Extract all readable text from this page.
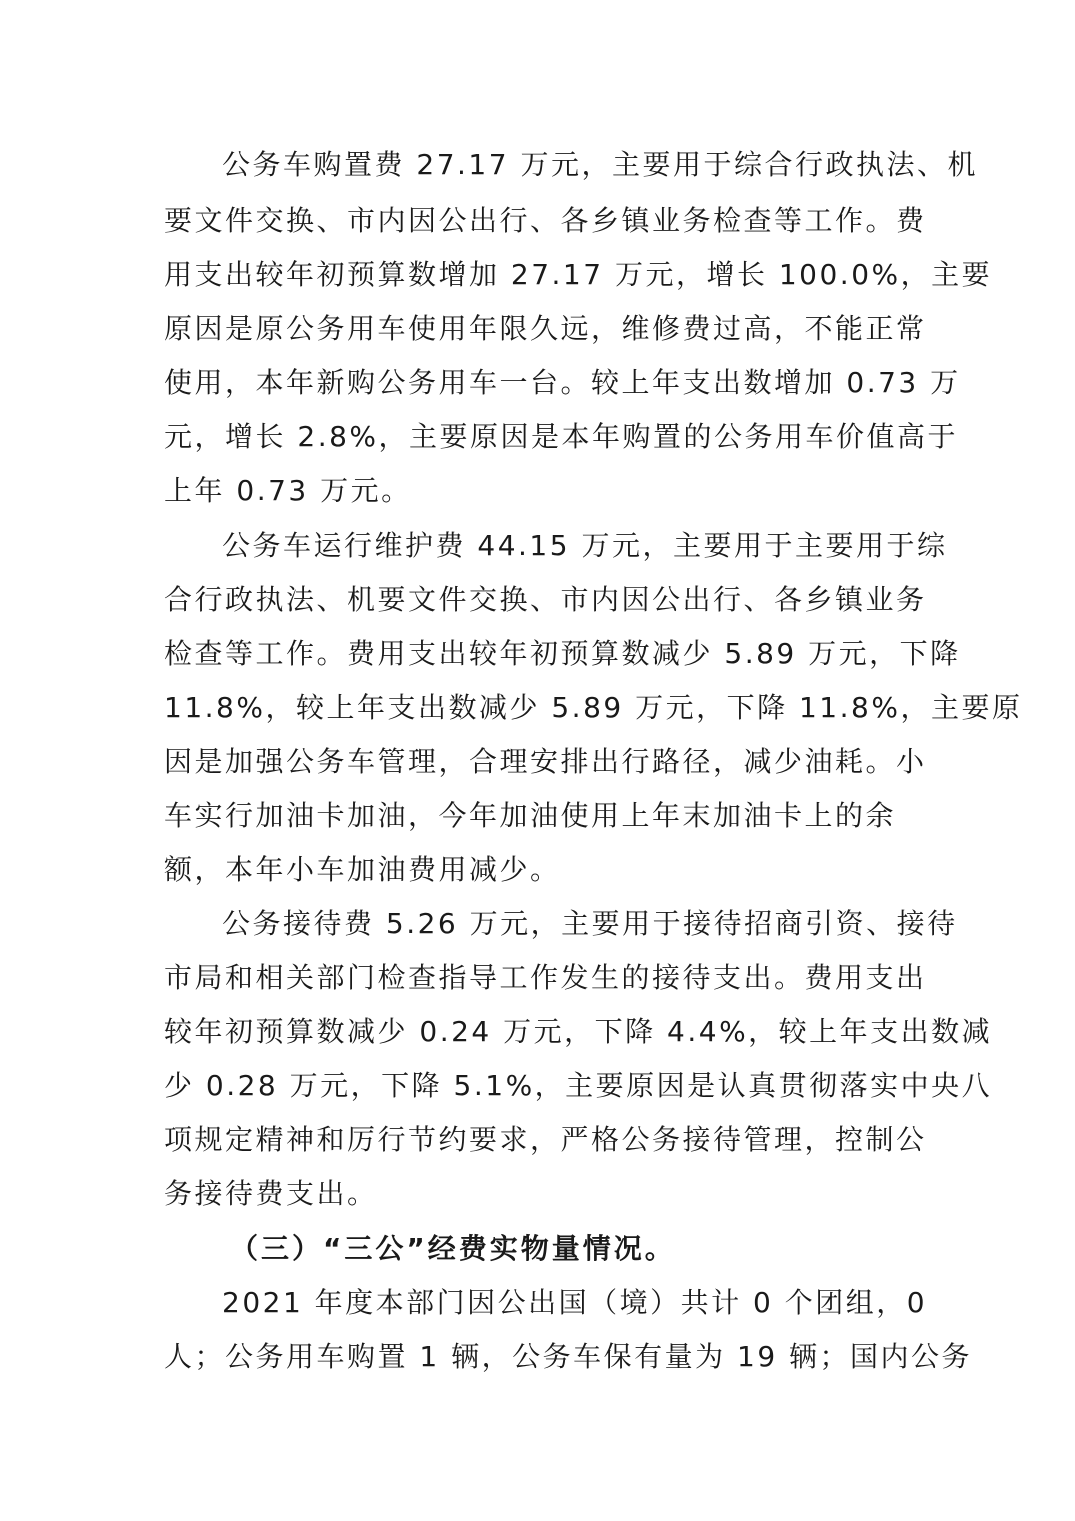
公务车购置费 27.17 万元，主要用于综合行政执法、机
要文件交换、市内因公出行、各乡镇业务检查等工作。费
用支出较年初预算数增加 27.17 万元，增长 100.0%，主要
原因是原公务用车使用年限久远，维修费过高，不能正常
使用，本年新购公务用车一台。较上年支出数增加 0.73 万
元，增长 2.8%，主要原因是本年购置的公务用车价值高于
上年 0.73 万元。
公务车运行维护费 44.15 万元，主要用于主要用于综
合行政执法、机要文件交换、市内因公出行、各乡镇业务
检查等工作。费用支出较年初预算数减少 5.89 万元，下降
11.8%，较上年支出数减少 5.89 万元，下降 11.8%，主要原
因是加强公务车管理，合理安排出行路径，减少油耗。小
车实行加油卡加油，今年加油使用上年末加油卡上的余
额，本年小车加油费用减少。
公务接待费 5.26 万元，主要用于接待招商引资、接待
市局和相关部门检查指导工作发生的接待支出。费用支出
较年初预算数减少 0.24 万元，下降 4.4%，较上年支出数减
少 0.28 万元，下降 5.1%，主要原因是认真贯彻落实中央八
项规定精神和厉行节约要求，严格公务接待管理，控制公
务接待费支出。
（三）“三公”经费实物量情况。
2021 年度本部门因公出国（境）共计 0 个团组，0
人；公务用车购置 1 辆，公务车保有量为 19 辆；国内公务
